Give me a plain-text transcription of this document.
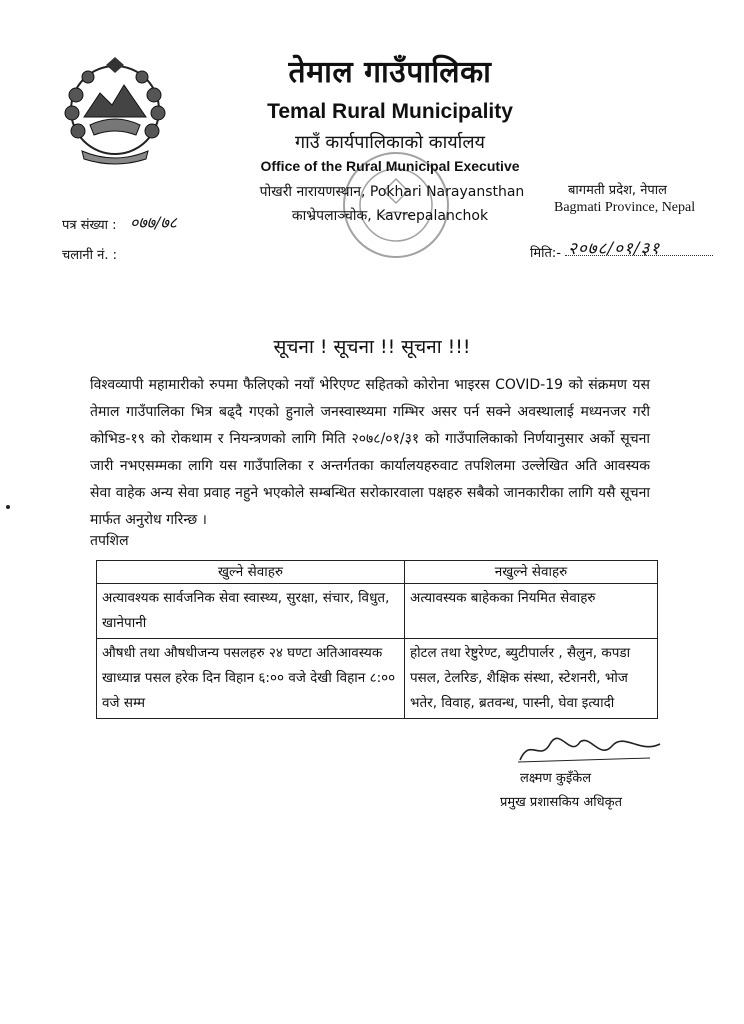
तेमाल गाउँपालिका
Temal Rural Municipality
गाउँ कार्यपालिकाको कार्यालय
Office of the Rural Municipal Executive
पोखरी नारायणस्थान, Pokhari Narayansthan
काभ्रेपलाञ्चोक, Kavrepalanchok
बागमती प्रदेश, नेपाल
Bagmati Province, Nepal
पत्र संख्या : ०७७/७८
चलानी नं. :	मिति:- २०७८/०१/३१
सूचना ! सूचना !! सूचना !!!
विश्वव्यापी महामारीको रुपमा फैलिएको नयाँ भेरिएण्ट सहितको कोरोना भाइरस COVID-19 को संक्रमण यस तेमाल गाउँपालिका भित्र बढ्दै गएको हुनाले जनस्वास्थ्यमा गम्भिर असर पर्न सक्ने अवस्थालाई मध्यनजर गरी कोभिड-१९ को रोकथाम र नियन्त्रणको लागि मिति २०७८/०१/३१ को गाउँपालिकाको निर्णयानुसार अर्को सूचना जारी नभएसम्मका लागि यस गाउँपालिका र अन्तर्गतका कार्यालयहरुवाट तपशिलमा उल्लेखित अति आवस्यक सेवा वाहेक अन्य सेवा प्रवाह नहुने भएकोले सम्बन्धित सरोकारवाला पक्षहरु सबैको जानकारीका लागि यसै सूचना मार्फत अनुरोध गरिन्छ ।
तपशिल
खुल्ने सेवाहरु	नखुल्ने सेवाहरु
अत्यावश्यक सार्वजनिक सेवा स्वास्थ्य, सुरक्षा, संचार, विधुत, खानेपानी	अत्यावस्यक बाहेकका नियमित सेवाहरु
औषधी तथा औषधीजन्य पसलहरु २४ घण्टा अतिआवस्यक खाध्यान्न पसल हरेक दिन विहान ६:०० वजे देखी विहान ८:०० वजे सम्म	होटल तथा रेष्टुरेण्ट, ब्युटीपार्लर , सैलुन, कपडा पसल, टेलरिङ, शैक्षिक संस्था, स्टेशनरी, भोज भतेर, विवाह, ब्रतवन्ध, पास्नी, घेवा इत्यादी
लक्ष्मण कुइँकेल
प्रमुख प्रशासकिय अधिकृत
